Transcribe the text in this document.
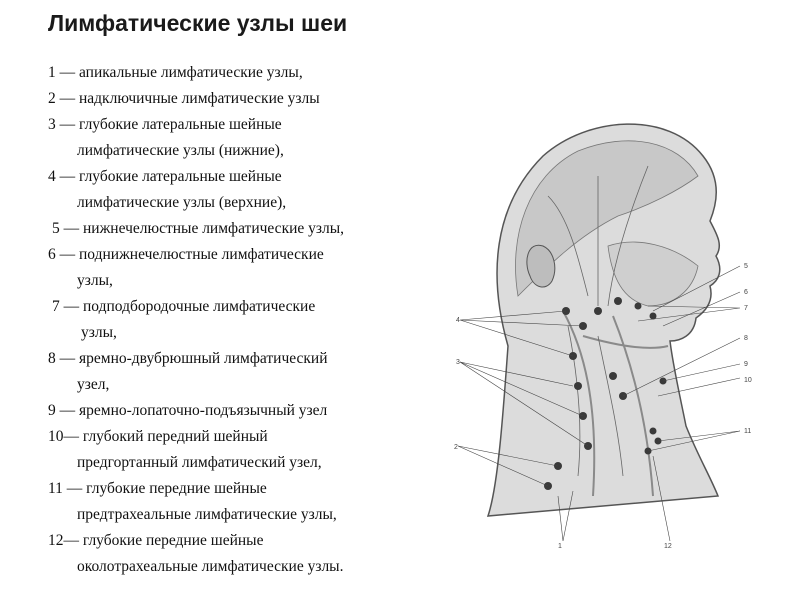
Лимфатические узлы шеи
1 — апикальные лимфатические узлы,
2 — надключичные лимфатические узлы
3 — глубокие латеральные шейные
лимфатические узлы (нижние),
4 — глубокие латеральные шейные
лимфатические узлы (верхние),
5 — нижнечелюстные лимфатические узлы,
6 — поднижнечелюстные лимфатические
узлы,
7 — подподбородочные лимфатические
узлы,
8 — яремно-двубрюшный лимфатический
узел,
9 — яремно-лопаточно-подъязычный узел
10— глубокий передний шейный
предгортанный лимфатический узел,
11 — глубокие передние шейные
предтрахеальные лимфатические узлы,
12— глубокие передние шейные
околотрахеальные лимфатические узлы.
4
3
2
1	12
5
6
7
8
9
10
11
